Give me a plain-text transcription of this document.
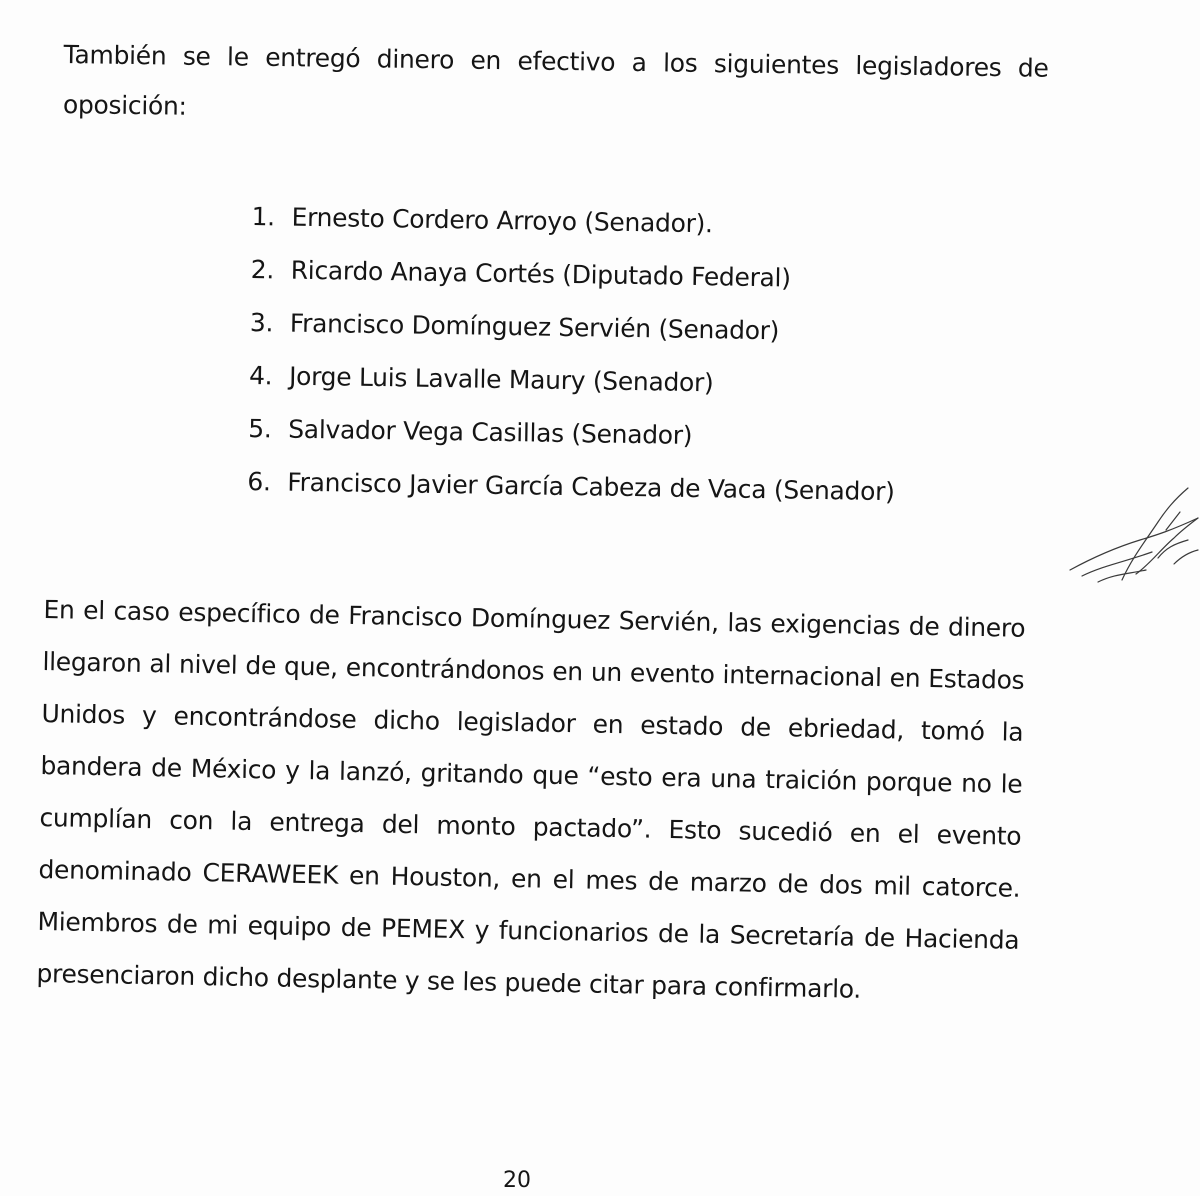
También se le entregó dinero en efectivo a los siguientes legisladores de oposición:

1. Ernesto Cordero Arroyo (Senador).
2. Ricardo Anaya Cortés (Diputado Federal)
3. Francisco Domínguez Servién (Senador)
4. Jorge Luis Lavalle Maury (Senador)
5. Salvador Vega Casillas (Senador)
6. Francisco Javier García Cabeza de Vaca (Senador)

En el caso específico de Francisco Domínguez Servién, las exigencias de dinero llegaron al nivel de que, encontrándonos en un evento internacional en Estados Unidos y encontrándose dicho legislador en estado de ebriedad, tomó la bandera de México y la lanzó, gritando que “esto era una traición porque no le cumplían con la entrega del monto pactado”. Esto sucedió en el evento denominado CERAWEEK en Houston, en el mes de marzo de dos mil catorce. Miembros de mi equipo de PEMEX y funcionarios de la Secretaría de Hacienda presenciaron dicho desplante y se les puede citar para confirmarlo.

20
